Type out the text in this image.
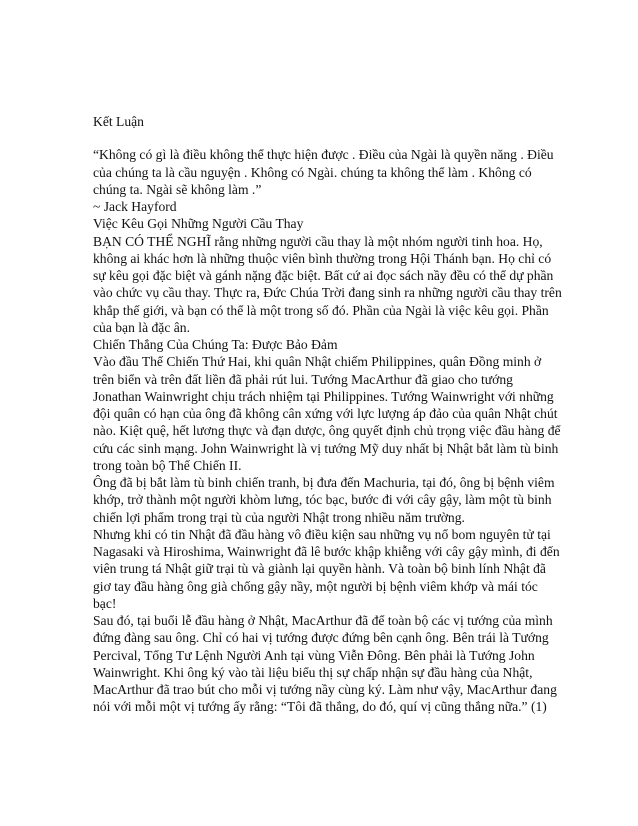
Kết Luận

“Không có gì là điều không thể thực hiện được . Điều của Ngài là quyền năng . Điều của chúng ta là cầu nguyện . Không có Ngài. chúng ta không thể làm . Không có chúng ta. Ngài sẽ không làm .”

~ Jack Hayford

Việc Kêu Gọi Những Người Cầu Thay

BẠN CÓ THỂ NGHĨ rằng những người cầu thay là một nhóm người tinh hoa. Họ, không ai khác hơn là những thuộc viên bình thường trong Hội Thánh bạn. Họ chỉ có sự kêu gọi đặc biệt và gánh nặng đặc biệt. Bất cứ ai đọc sách nầy đều có thể dự phần vào chức vụ cầu thay. Thực ra, Đức Chúa Trời đang sinh ra những người cầu thay trên khắp thế giới, và bạn có thể là một trong số đó. Phần của Ngài là việc kêu gọi. Phần của bạn là đặc ân.

Chiến Thắng Của Chúng Ta: Được Bảo Đảm

Vào đầu Thế Chiến Thứ Hai, khi quân Nhật chiếm Philippines, quân Đồng minh ở trên biển và trên đất liền đã phải rút lui. Tướng MacArthur đã giao cho tướng Jonathan Wainwright chịu trách nhiệm tại Philippines. Tướng Wainwright với những đội quân có hạn của ông đã không cân xứng với lực lượng áp đảo của quân Nhật chút nào. Kiệt quệ, hết lương thực và đạn dược, ông quyết định chủ trọng việc đầu hàng để cứu các sinh mạng. John Wainwright là vị tướng Mỹ duy nhất bị Nhật bắt làm tù binh trong toàn bộ Thế Chiến II.

Ông đã bị bắt làm tù binh chiến tranh, bị đưa đến Machuria, tại đó, ông bị bệnh viêm khớp, trở thành một người khòm lưng, tóc bạc, bước đi với cây gậy, làm một tù binh chiến lợi phẩm trong trại tù của người Nhật trong nhiều năm trường.

Nhưng khi có tin Nhật đã đầu hàng vô điều kiện sau những vụ nổ bom nguyên tử tại Nagasaki và Hiroshima, Wainwright đã lê bước khập khiễng với cây gậy mình, đi đến viên trung tá Nhật giữ trại tù và giành lại quyền hành. Và toàn bộ binh lính Nhật đã giơ tay đầu hàng ông già chống gậy nầy, một người bị bệnh viêm khớp và mái tóc bạc!

Sau đó, tại buổi lễ đầu hàng ở Nhật, MacArthur đã để toàn bộ các vị tướng của mình đứng đàng sau ông. Chỉ có hai vị tướng được đứng bên cạnh ông. Bên trái là Tướng Percival, Tổng Tư Lệnh Người Anh tại vùng Viễn Đông. Bên phải là Tướng John Wainwright. Khi ông ký vào tài liệu biểu thị sự chấp nhận sự đầu hàng của Nhật, MacArthur đã trao bút cho mỗi vị tướng nầy cùng ký. Làm như vậy, MacArthur đang nói với mỗi một vị tướng ấy rằng: “Tôi đã thắng, do đó, quí vị cũng thắng nữa.” (1)
